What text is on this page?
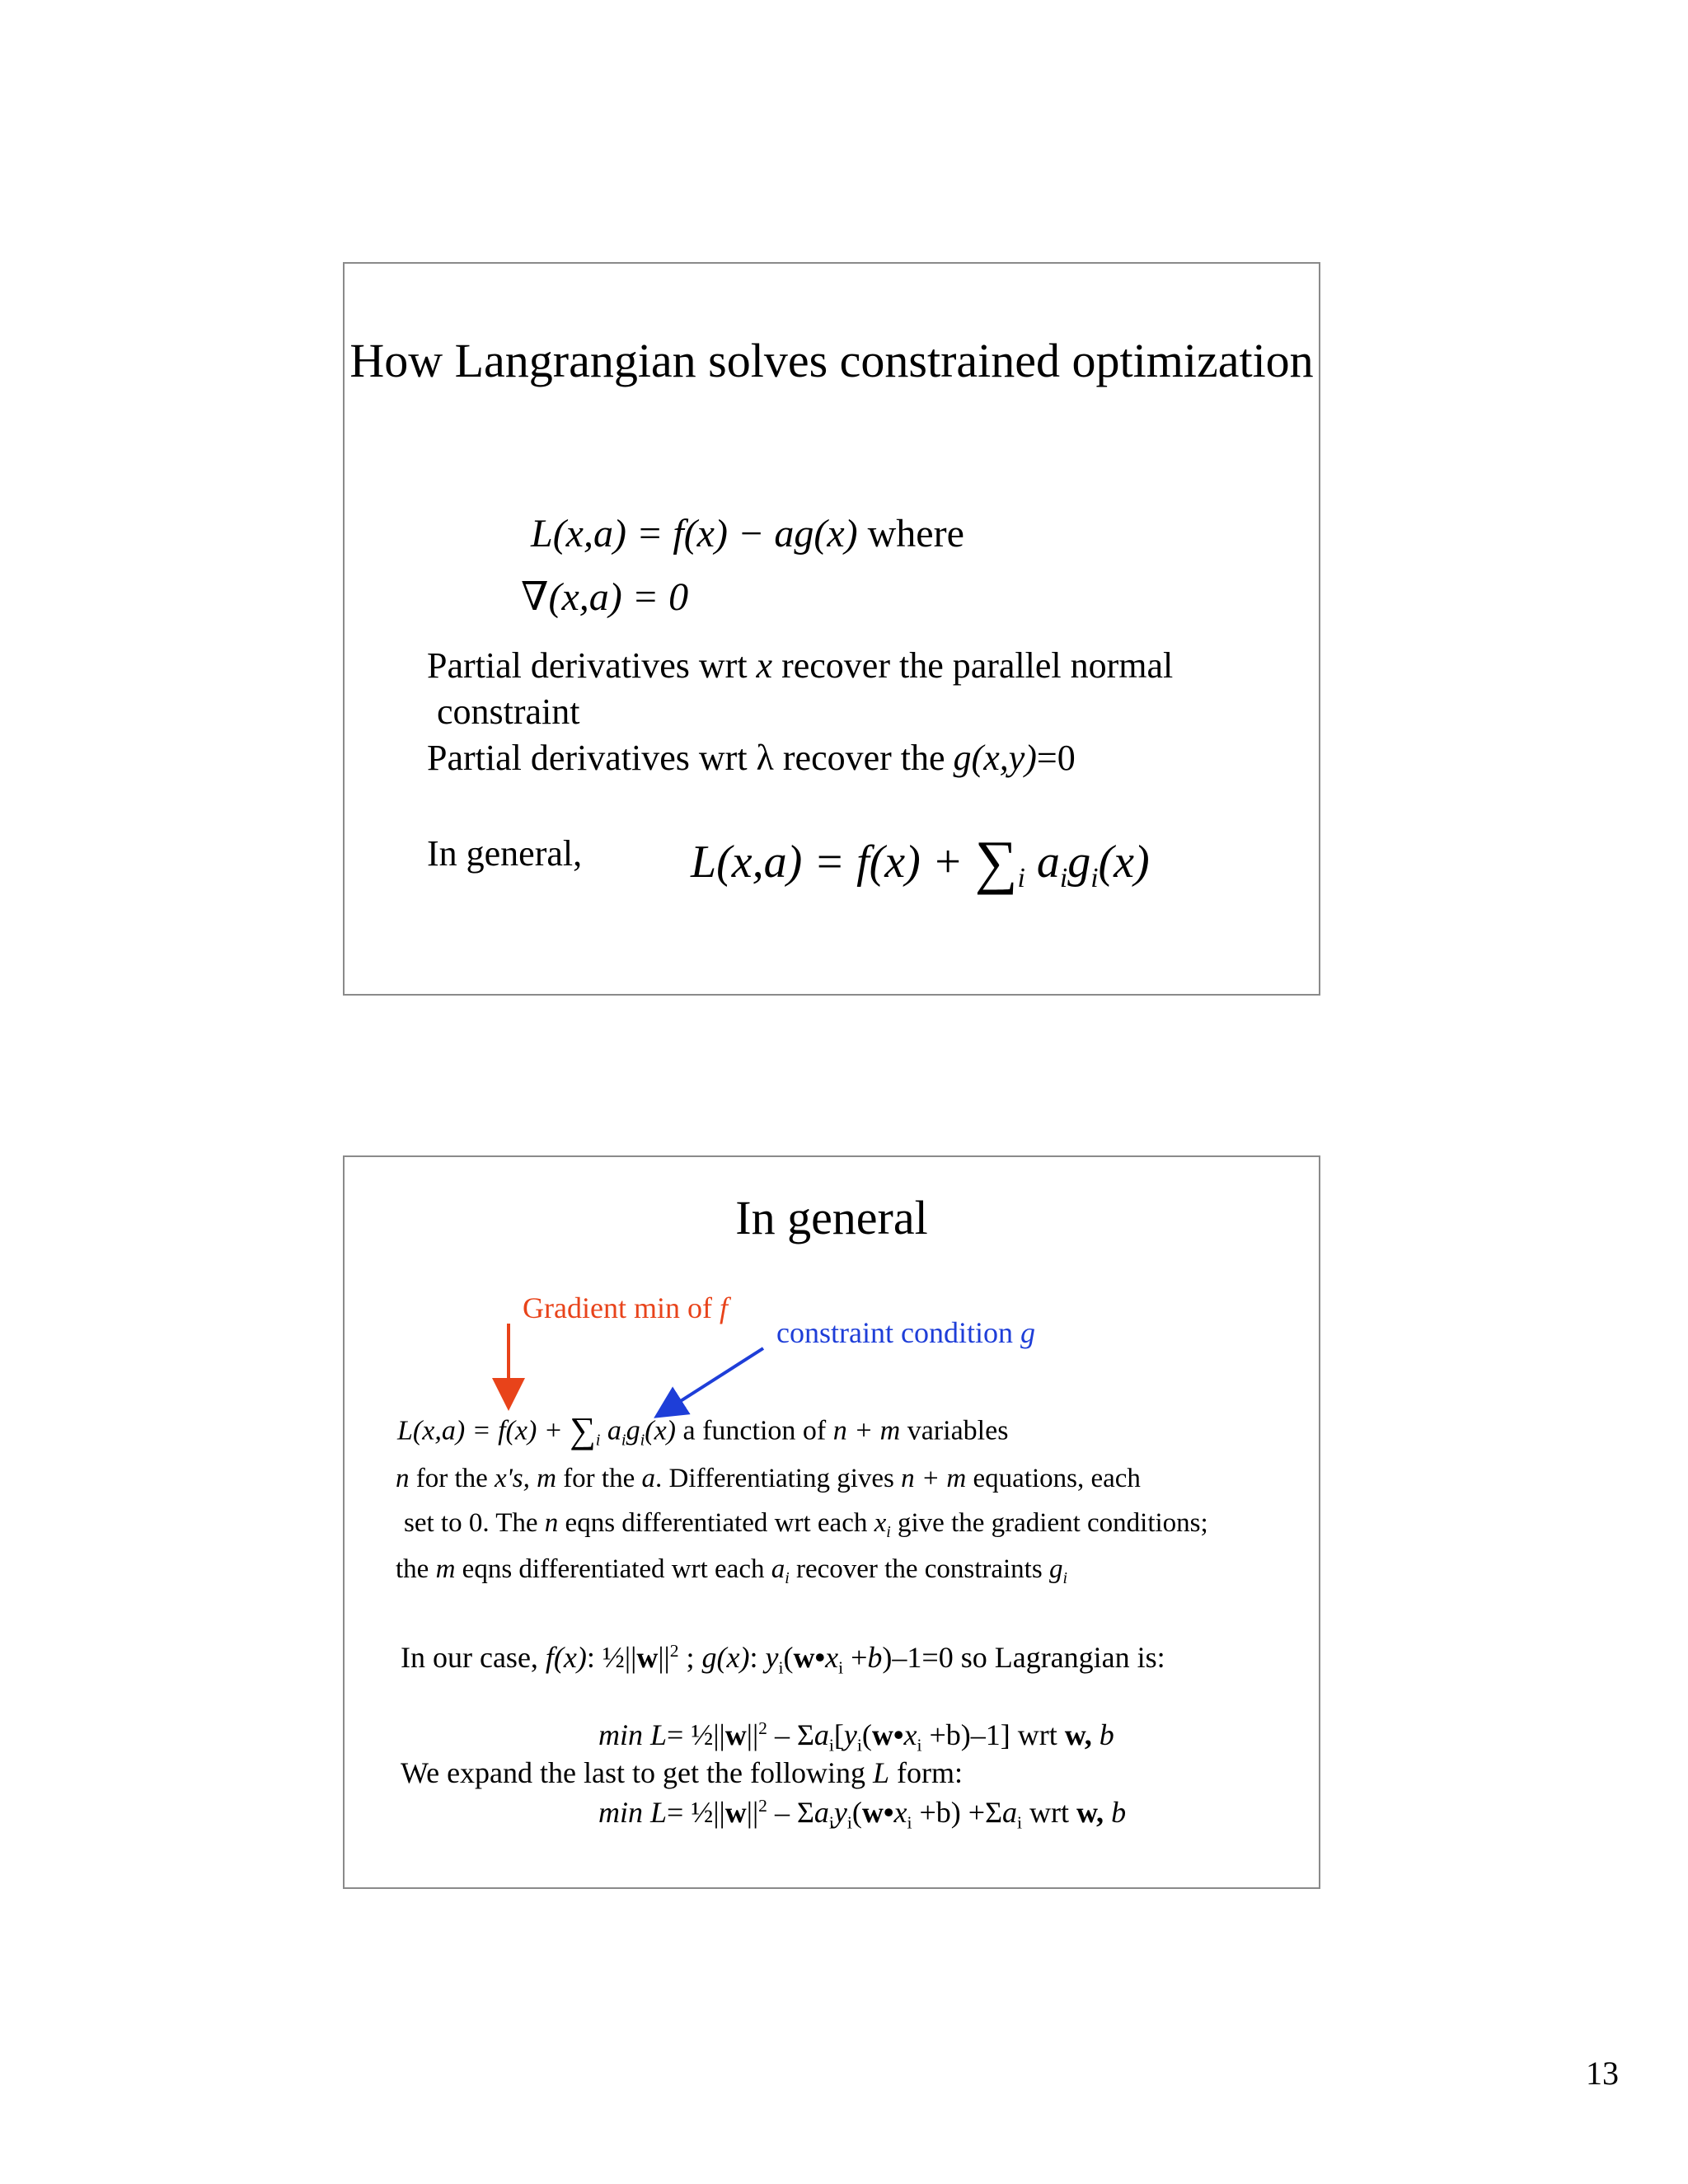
How Langrangian solves constrained optimization
L(x,a) = f(x) − ag(x) where
∇(x,a) = 0
Partial derivatives wrt x recover the parallel normal
constraint
Partial derivatives wrt λ recover the g(x,y)=0
In general, $L(x,a) = f(x) + \sum_i$ $a_ig_i(x)$
In general
Gradient min of f
constraint condition g
$L(x,a) = f(x) + \sum_i$ $a_ig_i(x)$ a function of n + m variables
n for the x's, m for the a. Differentiating gives n + m equations, each
set to 0. The n eqns differentiated wrt each $x_i$ give the gradient conditions;
the m eqns differentiated wrt each $a_i$ recover the constraints $g_i$
In our case, f(x): $\frac{1}{2}||w||^2$ ; g(x): $y_i(w•x_i +b)-1=0$ so Lagrangian is:
$\min L= \frac{1}{2}||w||^2$ – $\Sigma a_i[y_i(w•x_i +b)-1]$ wrt w, b
We expand the last to get the following L form:
$\min L= \frac{1}{2}||w||^2$ – $\Sigma a_iy_i(w•x_i +b) +\Sigma a_i$ wrt w, b
13
